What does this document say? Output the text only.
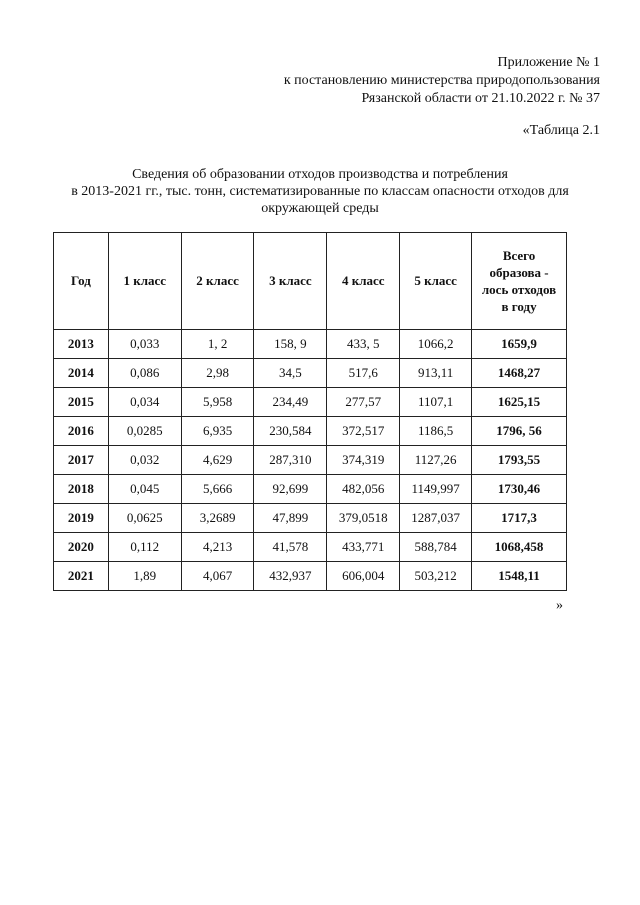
Приложение № 1
к постановлению министерства природопользования
Рязанской области от 21.10.2022 г. № 37
«Таблица 2.1
Сведения об образовании отходов производства и потребления
в 2013-2021 гг., тыс. тонн, систематизированные по классам опасности отходов для
окружающей среды
Год	1 класс	2 класс	3 класс	4 класс	5 класс	Всего образова - лось отходов в году
2013	0,033	1, 2	158, 9	433, 5	1066,2	1659,9
2014	0,086	2,98	34,5	517,6	913,11	1468,27
2015	0,034	5,958	234,49	277,57	1107,1	1625,15
2016	0,0285	6,935	230,584	372,517	1186,5	1796, 56
2017	0,032	4,629	287,310	374,319	1127,26	1793,55
2018	0,045	5,666	92,699	482,056	1149,997	1730,46
2019	0,0625	3,2689	47,899	379,0518	1287,037	1717,3
2020	0,112	4,213	41,578	433,771	588,784	1068,458
2021	1,89	4,067	432,937	606,004	503,212	1548,11
»
